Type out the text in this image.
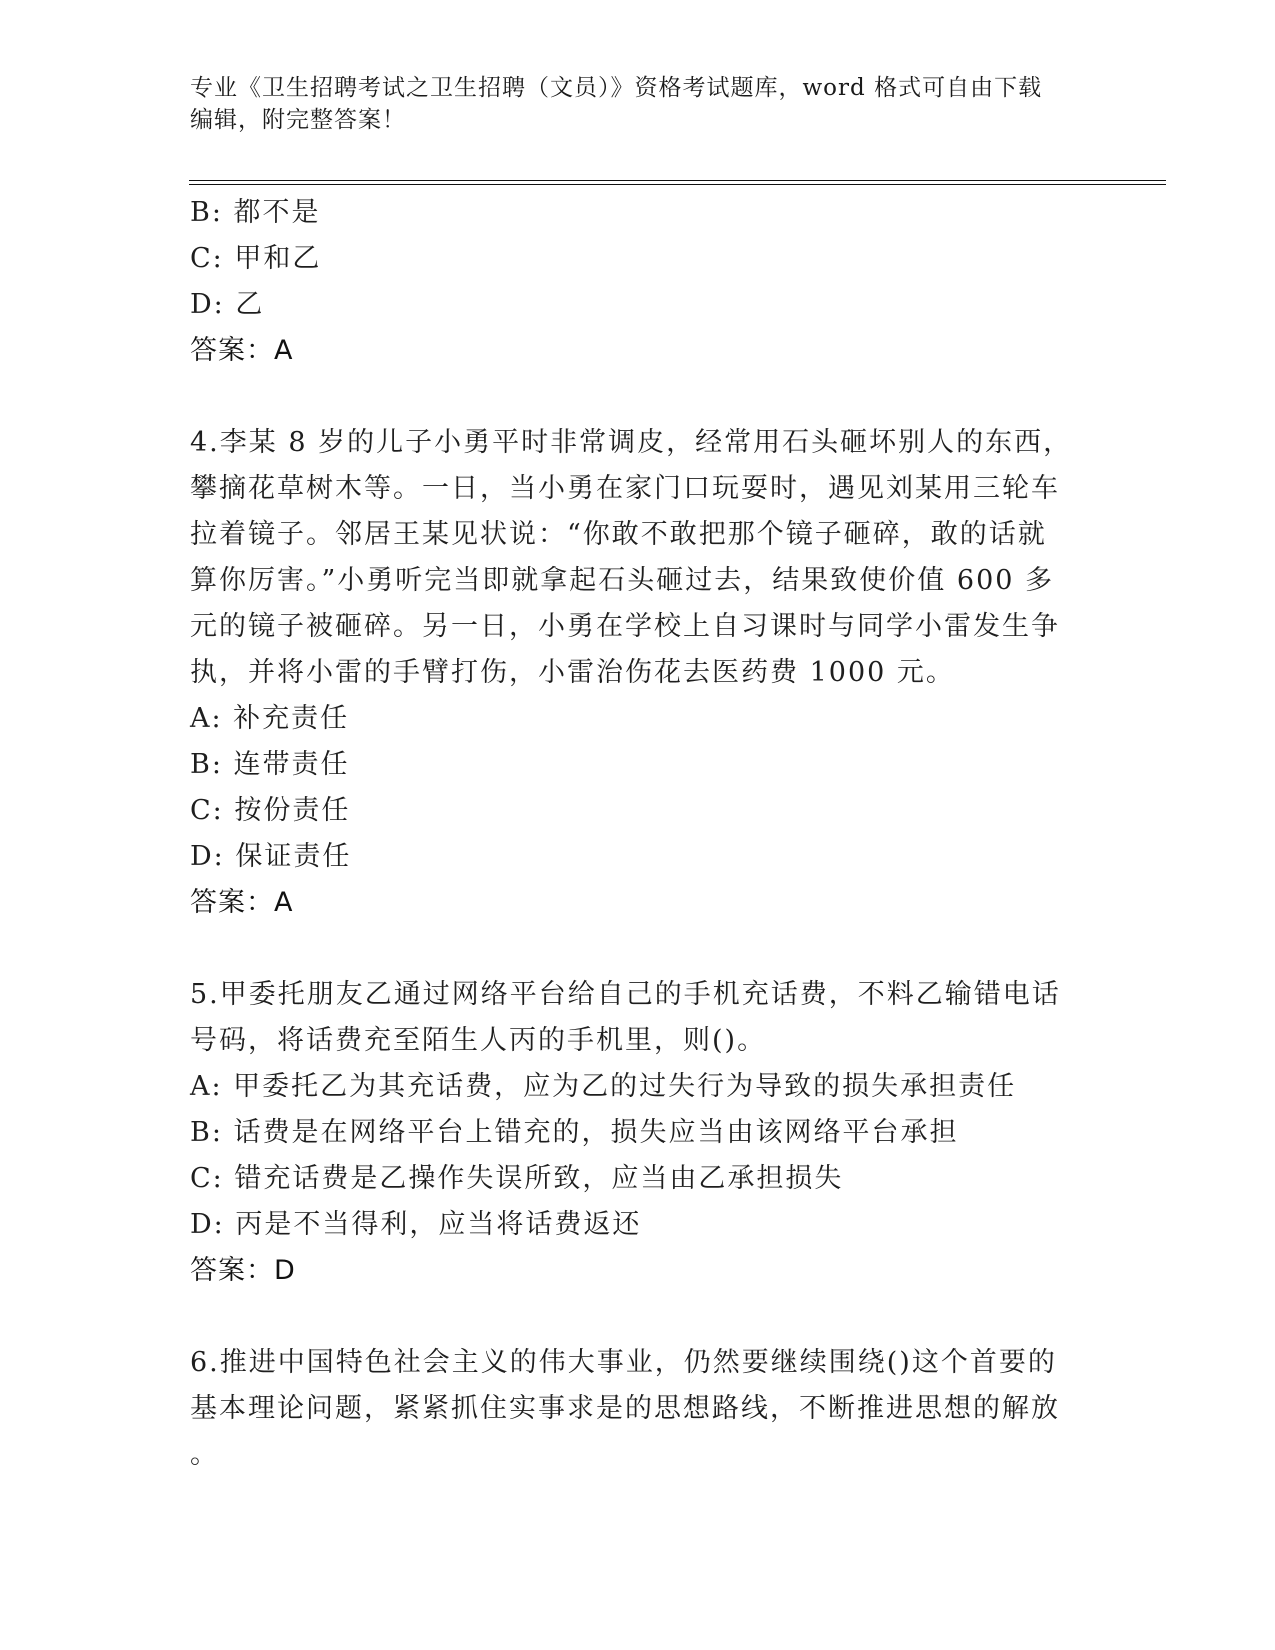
专业《卫生招聘考试之卫生招聘（文员）》资格考试题库，word 格式可自由下载
编辑，附完整答案！
B: 都不是
C: 甲和乙
D: 乙
答案：A
4.李某 8 岁的儿子小勇平时非常调皮，经常用石头砸坏别人的东西，
攀摘花草树木等。一日，当小勇在家门口玩耍时，遇见刘某用三轮车
拉着镜子。邻居王某见状说：“你敢不敢把那个镜子砸碎，敢的话就
算你厉害。”小勇听完当即就拿起石头砸过去，结果致使价值 600 多
元的镜子被砸碎。另一日，小勇在学校上自习课时与同学小雷发生争
执，并将小雷的手臂打伤，小雷治伤花去医药费 1000 元。
A: 补充责任
B: 连带责任
C: 按份责任
D: 保证责任
答案：A
5.甲委托朋友乙通过网络平台给自己的手机充话费，不料乙输错电话
号码，将话费充至陌生人丙的手机里，则()。
A: 甲委托乙为其充话费，应为乙的过失行为导致的损失承担责任
B: 话费是在网络平台上错充的，损失应当由该网络平台承担
C: 错充话费是乙操作失误所致，应当由乙承担损失
D: 丙是不当得利，应当将话费返还
答案：D
6.推进中国特色社会主义的伟大事业，仍然要继续围绕()这个首要的
基本理论问题，紧紧抓住实事求是的思想路线，不断推进思想的解放
。
